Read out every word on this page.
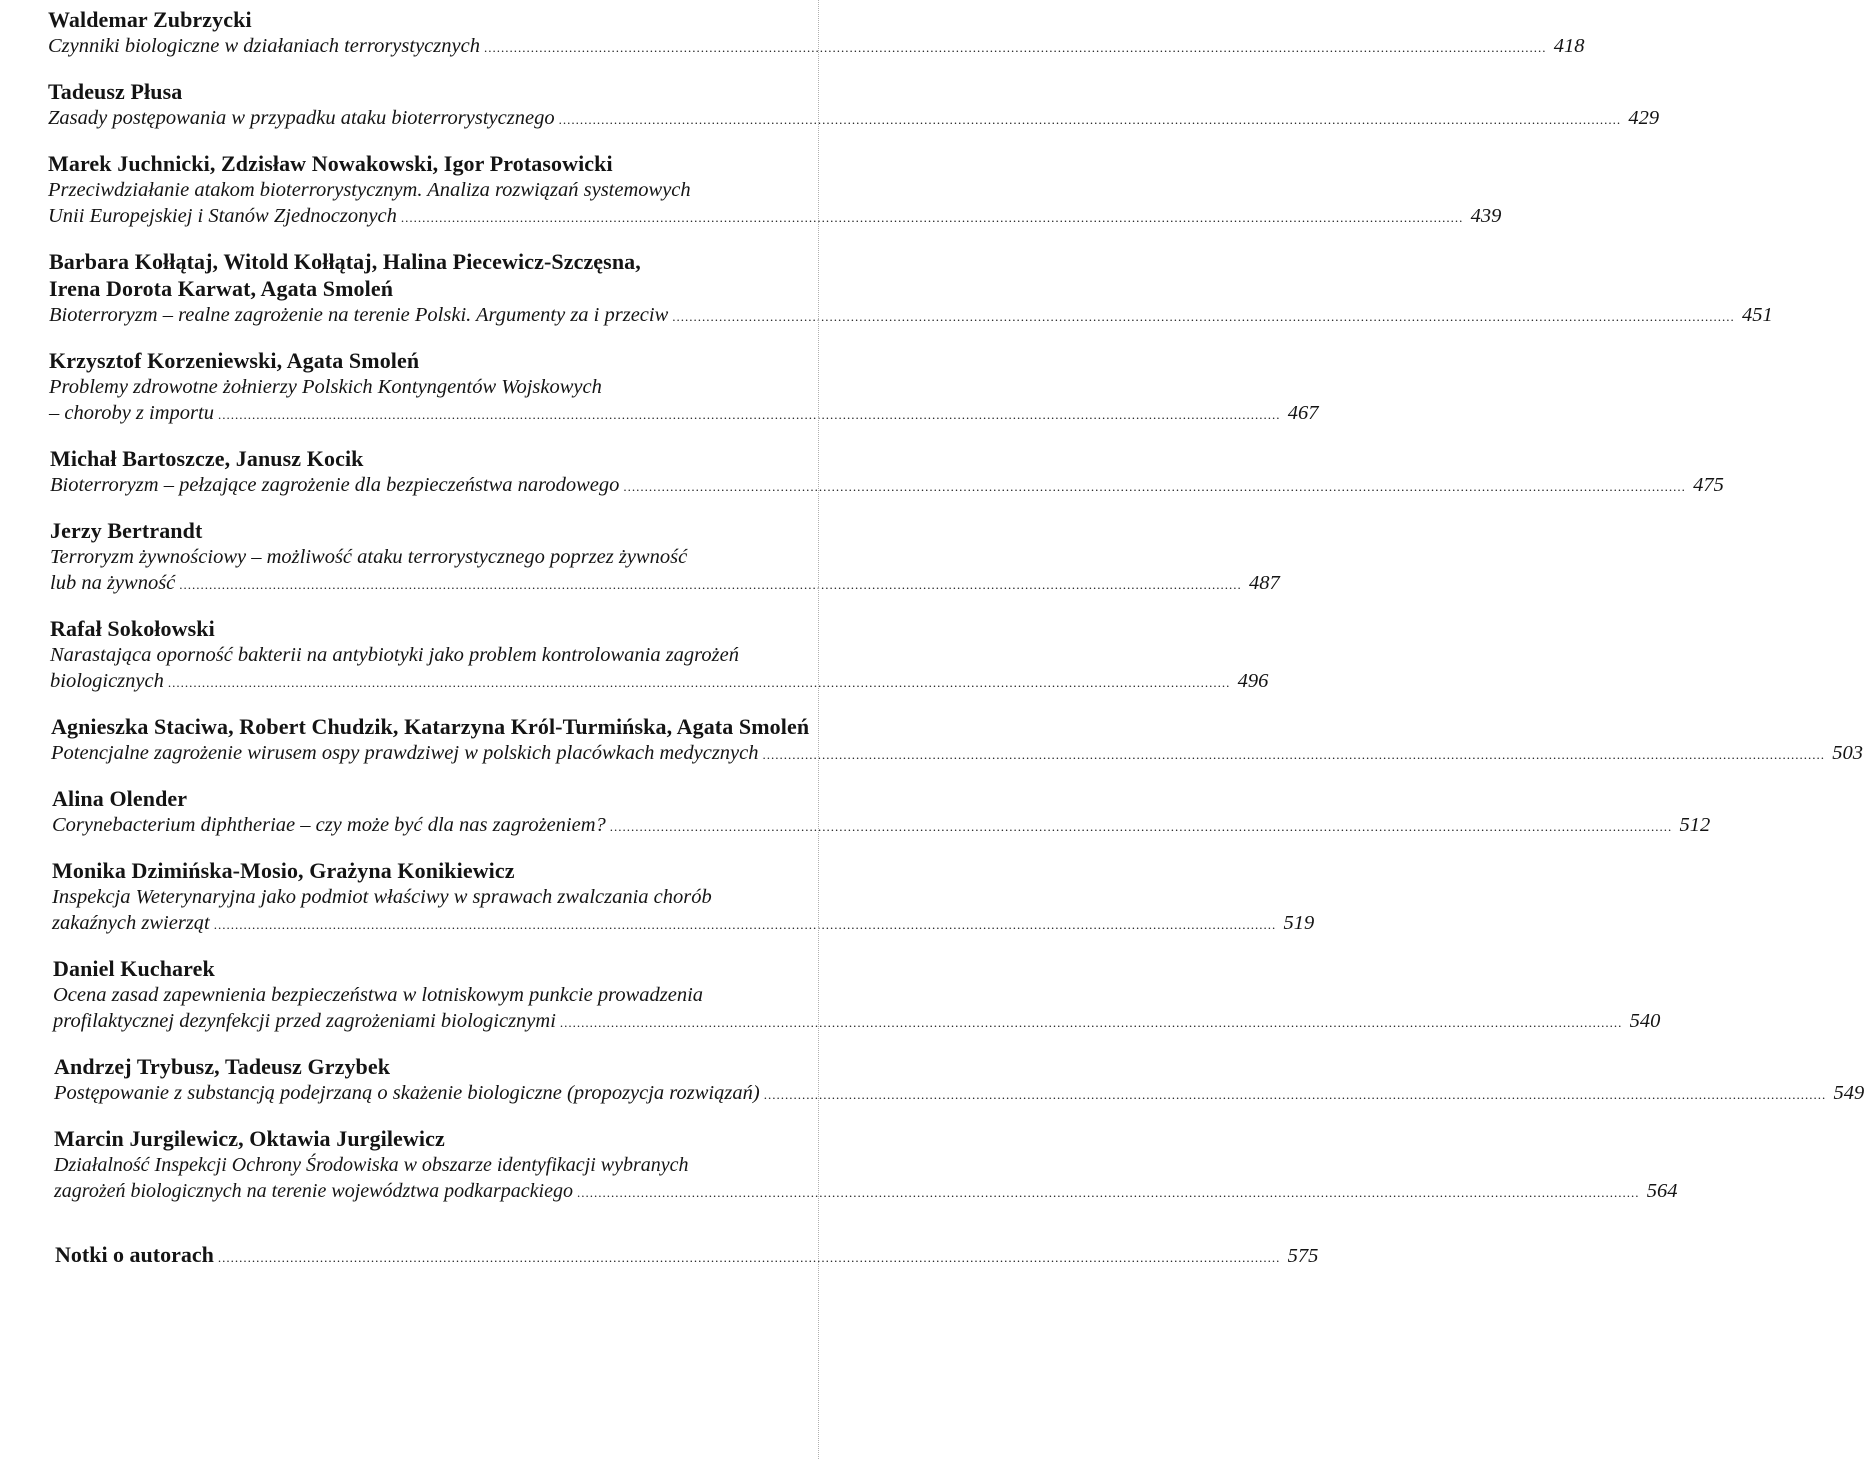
Waldemar Zubrzycki
Czynniki biologiczne w działaniach terrorystycznych .....	418
Tadeusz Płusa
Zasady postępowania w przypadku ataku bioterrorystycznego .....	429
Marek Juchnicki, Zdzisław Nowakowski, Igor Protasowicki
Przeciwdziałanie atakom bioterrorystycznym. Analiza rozwiązań systemowych
Unii Europejskiej i Stanów Zjednoczonych .....	439
Barbara Kołłątaj, Witold Kołłątaj, Halina Piecewicz-Szczęsna,
Irena Dorota Karwat, Agata Smoleń
Bioterroryzm – realne zagrożenie na terenie Polski. Argumenty za i przeciw .....	451
Krzysztof Korzeniewski, Agata Smoleń
Problemy zdrowotne żołnierzy Polskich Kontyngentów Wojskowych
– choroby z importu .....	467
Michał Bartoszcze, Janusz Kocik
Bioterroryzm – pełzające zagrożenie dla bezpieczeństwa narodowego .....	475
Jerzy Bertrandt
Terroryzm żywnościowy – możliwość ataku terrorystycznego poprzez żywność
lub na żywność .....	487
Rafał Sokołowski
Narastająca oporność bakterii na antybiotyki jako problem kontrolowania zagrożeń
biologicznych .....	496
Agnieszka Staciwa, Robert Chudzik, Katarzyna Król-Turmińska, Agata Smoleń
Potencjalne zagrożenie wirusem ospy prawdziwej w polskich placówkach medycznych .....	503
Alina Olender
Corynebacterium diphtheriae – czy może być dla nas zagrożeniem? .....	512
Monika Dzimińska-Mosio, Grażyna Konikiewicz
Inspekcja Weterynaryjna jako podmiot właściwy w sprawach zwalczania chorób
zakaźnych zwierząt .....	519
Daniel Kucharek
Ocena zasad zapewnienia bezpieczeństwa w lotniskowym punkcie prowadzenia
profilaktycznej dezynfekcji przed zagrożeniami biologicznymi .....	540
Andrzej Trybusz, Tadeusz Grzybek
Postępowanie z substancją podejrzaną o skażenie biologiczne (propozycja rozwiązań) .....	549
Marcin Jurgilewicz, Oktawia Jurgilewicz
Działalność Inspekcji Ochrony Środowiska w obszarze identyfikacji wybranych
zagrożeń biologicznych na terenie województwa podkarpackiego .....	564
Notki o autorach .....	575
